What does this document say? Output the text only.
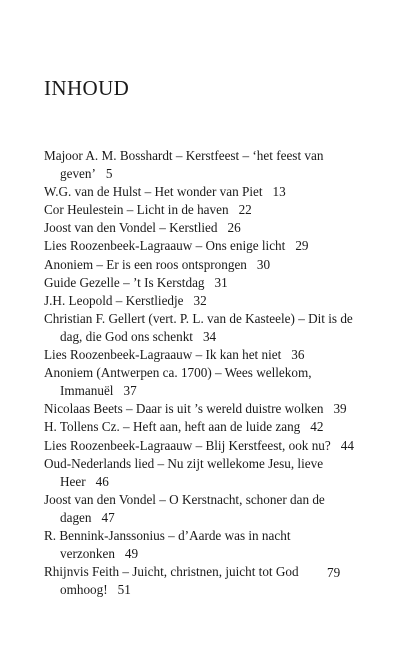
INHOUD
Majoor A. M. Bosshardt – Kerstfeest – ‘het feest van geven’ 5
W.G. van de Hulst – Het wonder van Piet 13
Cor Heulestein – Licht in de haven 22
Joost van den Vondel – Kerstlied 26
Lies Roozenbeek-Lagraauw – Ons enige licht 29
Anoniem – Er is een roos ontsprongen 30
Guide Gezelle – ’t Is Kerstdag 31
J.H. Leopold – Kerstliedje 32
Christian F. Gellert (vert. P. L. van de Kasteele) – Dit is de dag, die God ons schenkt 34
Lies Roozenbeek-Lagraauw – Ik kan het niet 36
Anoniem (Antwerpen ca. 1700) – Wees wellekom, Immanuël 37
Nicolaas Beets – Daar is uit ’s wereld duistre wolken 39
H. Tollens Cz. – Heft aan, heft aan de luide zang 42
Lies Roozenbeek-Lagraauw – Blij Kerstfeest, ook nu? 44
Oud-Nederlands lied – Nu zijt wellekome Jesu, lieve Heer 46
Joost van den Vondel – O Kerstnacht, schoner dan de dagen 47
R. Bennink-Janssonius – d’Aarde was in nacht verzonken 49
Rhijnvis Feith – Juicht, christnen, juicht tot God omhoog! 51
79
